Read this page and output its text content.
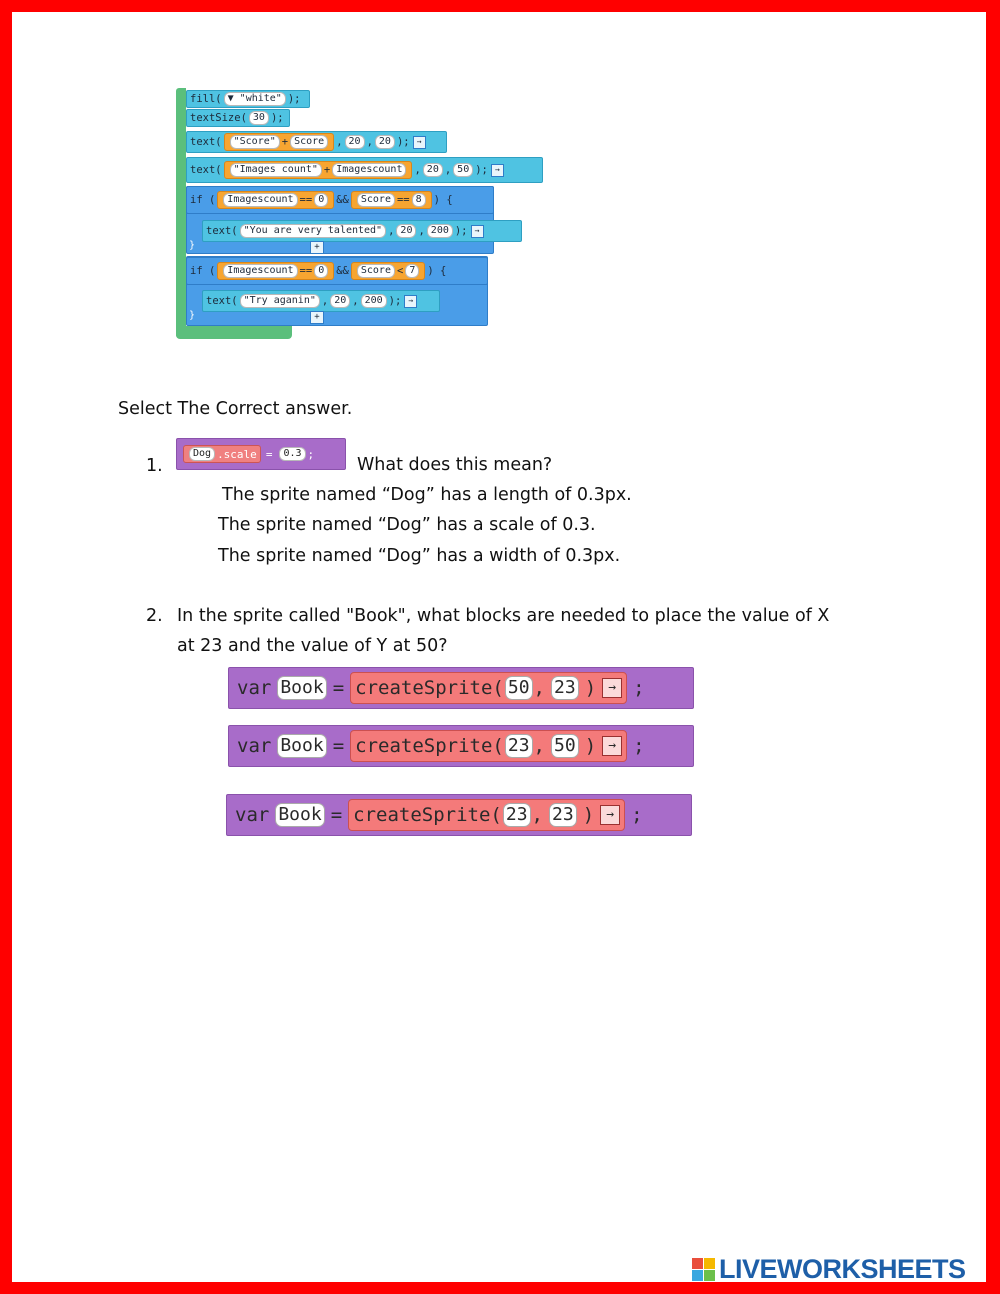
fill( ▼ "white" );
textSize( 30 );
text(	"Score" + Score	, 20 , 20 ); →
text(	"Images count" + Imagescount	, 20 , 50 ); →
if (	Imagescount == 0	&&	Score == 8	) {
text( "You are very talented" , 20 , 200 ); →
}	+
if (	Imagescount == 0	&&	Score < 7	) {
text( "Try aganin" , 20 , 200 ); →
}	+
Select The Correct answer.
1.
Dog .scale =	0.3 ;
What does this mean?
The sprite named “Dog” has a length of 0.3px.
The sprite named “Dog” has a scale of 0.3.
The sprite named “Dog” has a width of 0.3px.
2. In the sprite called "Book", what blocks are needed to place the value of X
at 23 and the value of Y at 50?
var Book = createSprite( 50 , 23 ) → ;
var Book = createSprite( 23 , 50 ) → ;
var Book = createSprite( 23 , 23 ) → ;
LIVEWORKSHEETS
